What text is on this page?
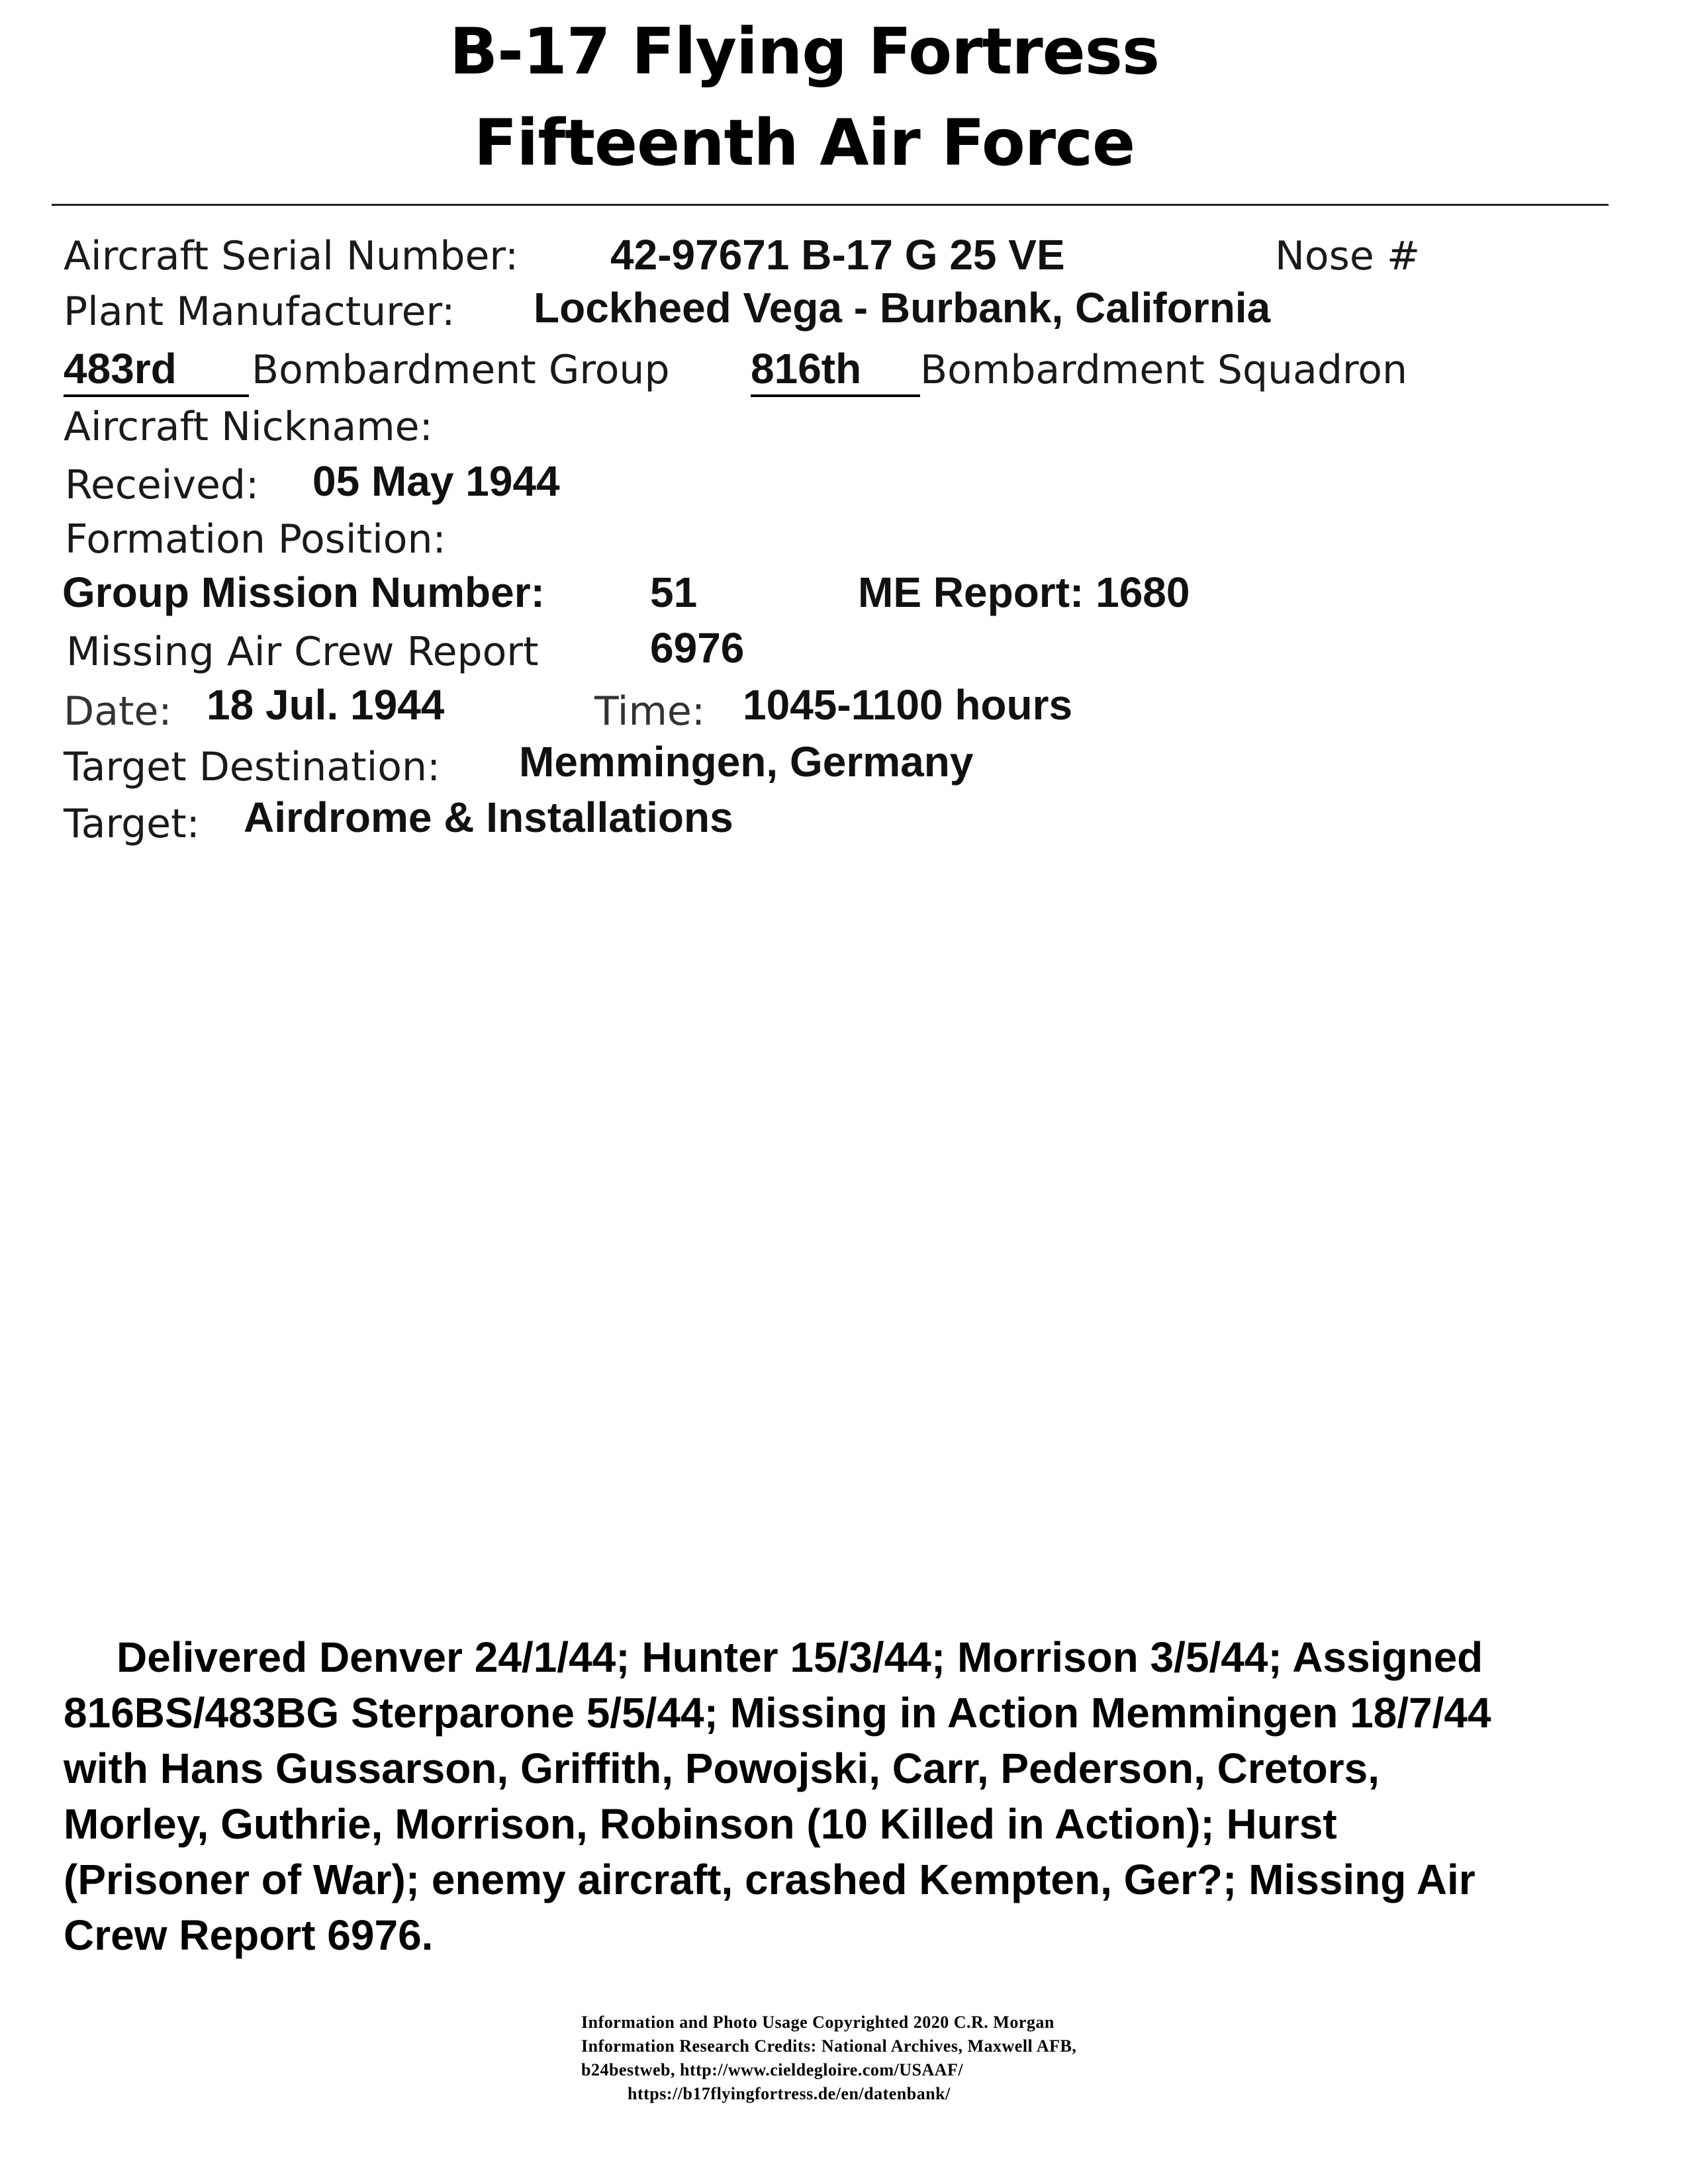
B-17 Flying Fortress
Fifteenth Air Force
Aircraft Serial Number: 42-97671 B-17 G 25 VE	Nose #
Plant Manufacturer: Lockheed Vega - Burbank, California
483rd	Bombardment Group 816th	Bombardment Squadron
Aircraft Nickname:
Received: 05 May 1944
Formation Position:
Group Mission Number: 51	ME Report: 1680
Missing Air Crew Report	6976
Date: 18 Jul. 1944	Time: 1045-1100 hours
Target Destination: Memmingen, Germany
Target: Airdrome & Installations
Delivered Denver 24/1/44; Hunter 15/3/44; Morrison 3/5/44; Assigned
816BS/483BG Sterparone 5/5/44; Missing in Action Memmingen 18/7/44
with Hans Gussarson, Griffith, Powojski, Carr, Pederson, Cretors,
Morley, Guthrie, Morrison, Robinson (10 Killed in Action); Hurst
(Prisoner of War); enemy aircraft, crashed Kempten, Ger?; Missing Air
Crew Report 6976.
Information and Photo Usage Copyrighted 2020 C.R. Morgan
Information Research Credits: National Archives, Maxwell AFB,
b24bestweb, http://www.cieldegloire.com/USAAF/
https://b17flyingfortress.de/en/datenbank/
